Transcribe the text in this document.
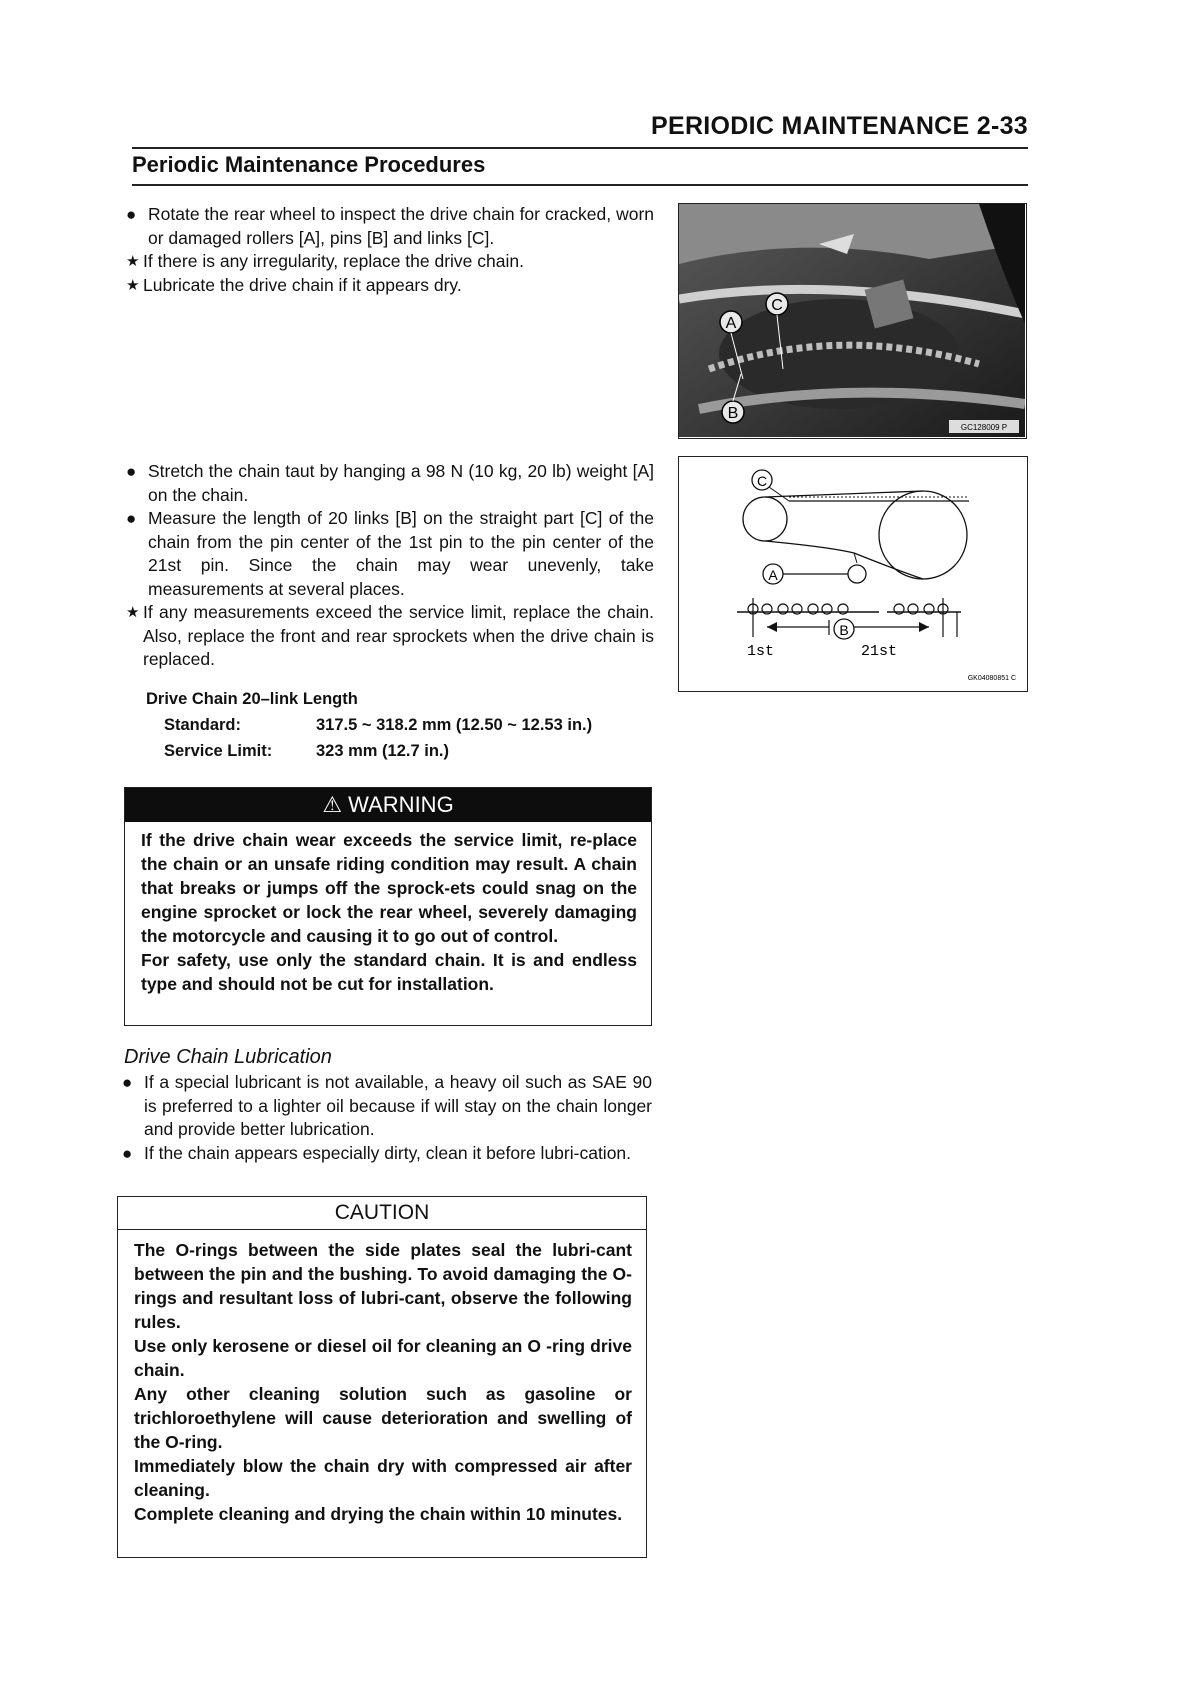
PERIODIC MAINTENANCE 2-33
Periodic Maintenance Procedures
● Rotate the rear wheel to inspect the drive chain for cracked, worn or damaged rollers [A], pins [B] and links [C].
★ If there is any irregularity, replace the drive chain.
★ Lubricate the drive chain if it appears dry.
A
C
B
GC128009 P
● Stretch the chain taut by hanging a 98 N (10 kg, 20 lb) weight [A] on the chain.
● Measure the length of 20 links [B] on the straight part [C] of the chain from the pin center of the 1st pin to the pin center of the 21st pin. Since the chain may wear unevenly, take measurements at several places.
★ If any measurements exceed the service limit, replace the chain. Also, replace the front and rear sprockets when the drive chain is replaced.
C
A
B
1st	21st
GK04080851 C
Drive Chain 20–link Length
Standard:	317.5 ~ 318.2 mm (12.50 ~ 12.53 in.)
Service Limit:	323 mm (12.7 in.)
⚠ WARNING
If the drive chain wear exceeds the service limit, re-place the chain or an unsafe riding condition may result. A chain that breaks or jumps off the sprock-ets could snag on the engine sprocket or lock the rear wheel, severely damaging the motorcycle and causing it to go out of control.
For safety, use only the standard chain. It is and endless type and should not be cut for installation.
Drive Chain Lubrication
● If a special lubricant is not available, a heavy oil such as SAE 90 is preferred to a lighter oil because if will stay on the chain longer and provide better lubrication.
● If the chain appears especially dirty, clean it before lubri-cation.
CAUTION
The O-rings between the side plates seal the lubri-cant between the pin and the bushing. To avoid damaging the O-rings and resultant loss of lubri-cant, observe the following rules.
Use only kerosene or diesel oil for cleaning an O -ring drive chain.
Any other cleaning solution such as gasoline or trichloroethylene will cause deterioration and swelling of the O-ring.
Immediately blow the chain dry with compressed air after cleaning.
Complete cleaning and drying the chain within 10 minutes.
